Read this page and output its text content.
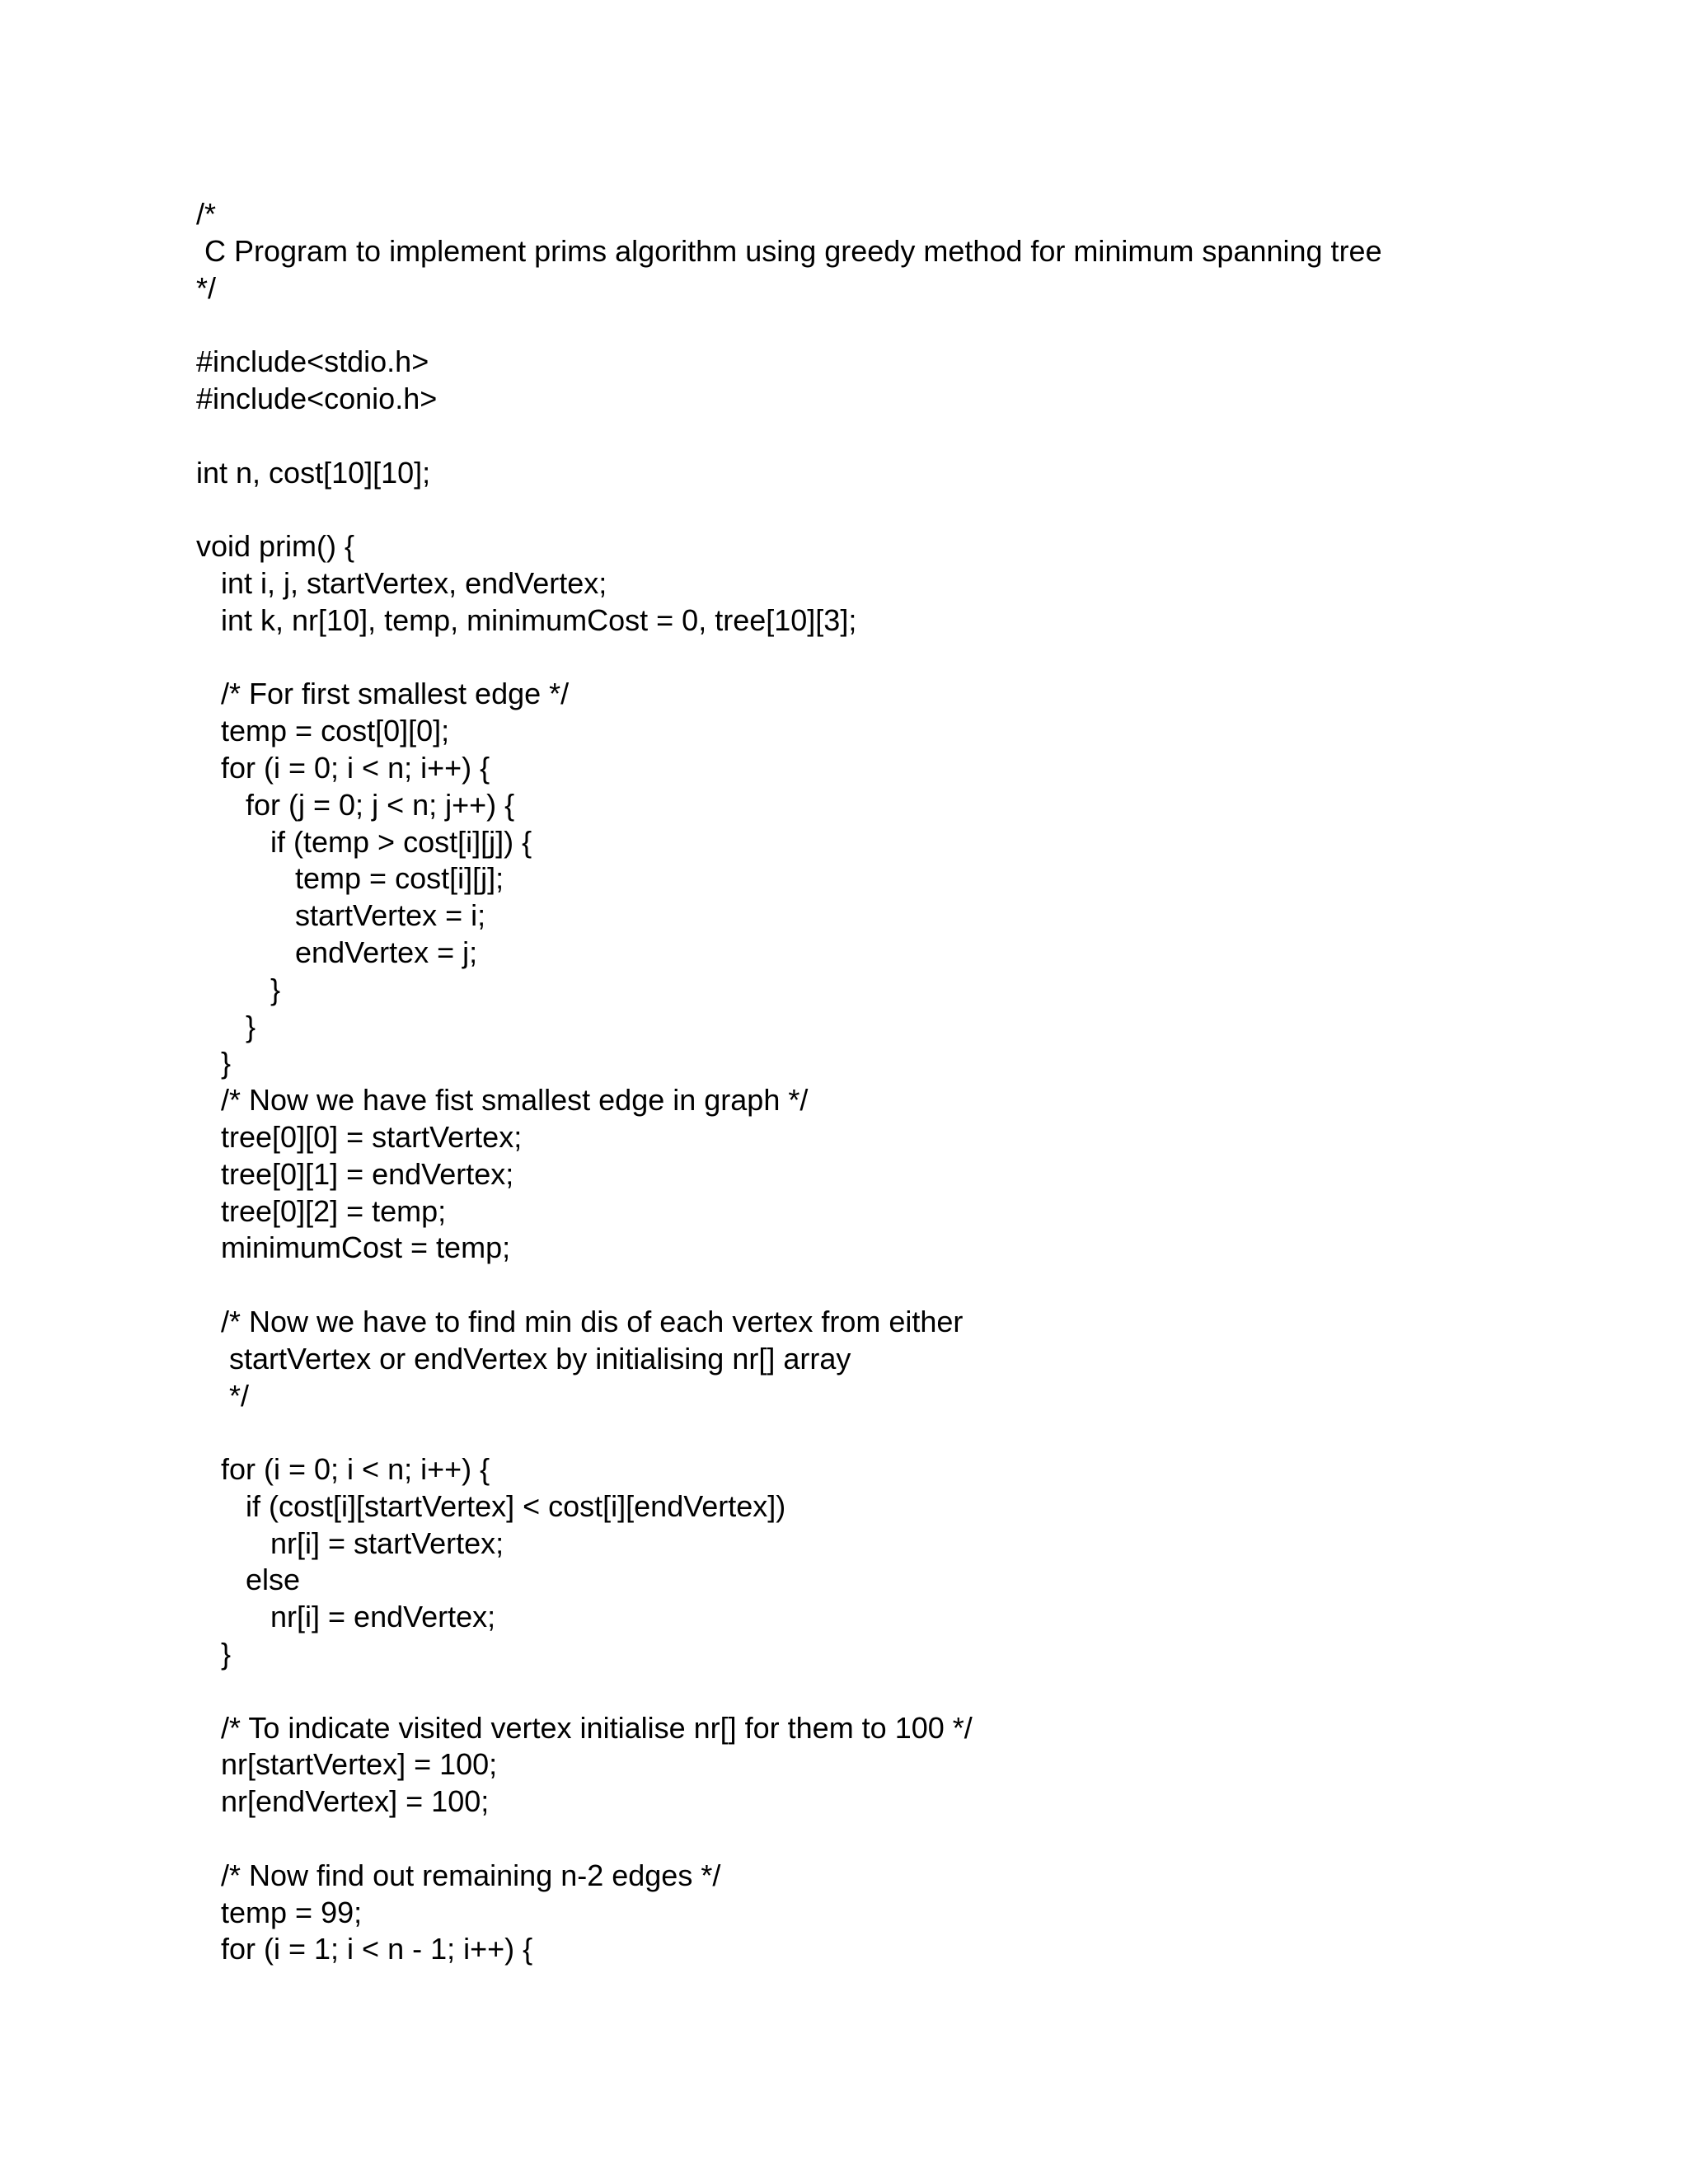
/*
C Program to implement prims algorithm using greedy method for minimum spanning tree
*/
#include<stdio.h>
#include<conio.h>
int n, cost[10][10];
void prim() {
int i, j, startVertex, endVertex;
int k, nr[10], temp, minimumCost = 0, tree[10][3];
/* For first smallest edge */
temp = cost[0][0];
for (i = 0; i < n; i++) {
for (j = 0; j < n; j++) {
if (temp > cost[i][j]) {
temp = cost[i][j];
startVertex = i;
endVertex = j;
}
}
}
/* Now we have fist smallest edge in graph */
tree[0][0] = startVertex;
tree[0][1] = endVertex;
tree[0][2] = temp;
minimumCost = temp;
/* Now we have to find min dis of each vertex from either
startVertex or endVertex by initialising nr[] array
*/
for (i = 0; i < n; i++) {
if (cost[i][startVertex] < cost[i][endVertex])
nr[i] = startVertex;
else
nr[i] = endVertex;
}
/* To indicate visited vertex initialise nr[] for them to 100 */
nr[startVertex] = 100;
nr[endVertex] = 100;
/* Now find out remaining n-2 edges */
temp = 99;
for (i = 1; i < n - 1; i++) {
